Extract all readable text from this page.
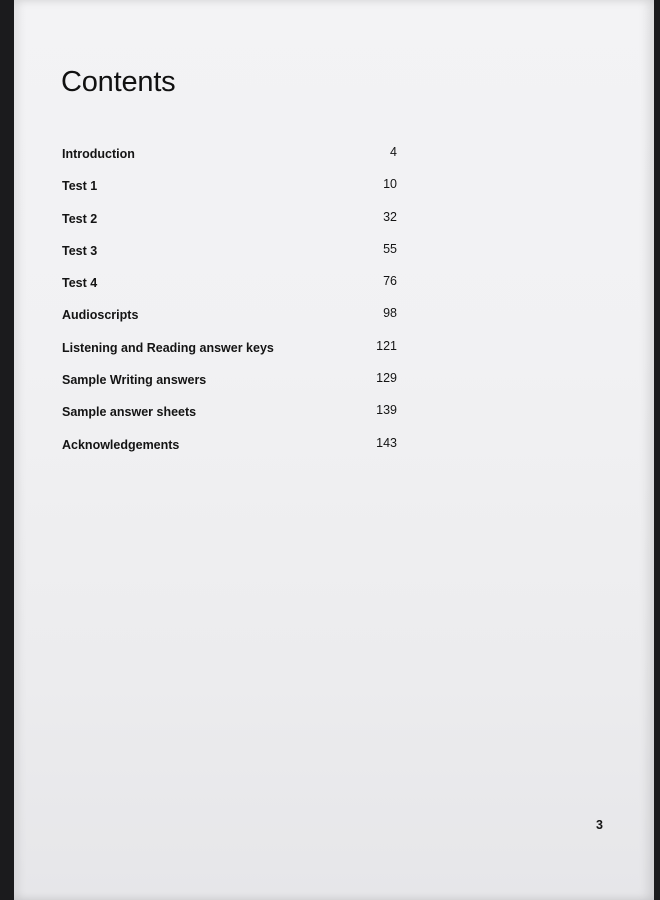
Contents
Introduction	4
Test 1	10
Test 2	32
Test 3	55
Test 4	76
Audioscripts	98
Listening and Reading answer keys	121
Sample Writing answers	129
Sample answer sheets	139
Acknowledgements	143
3
